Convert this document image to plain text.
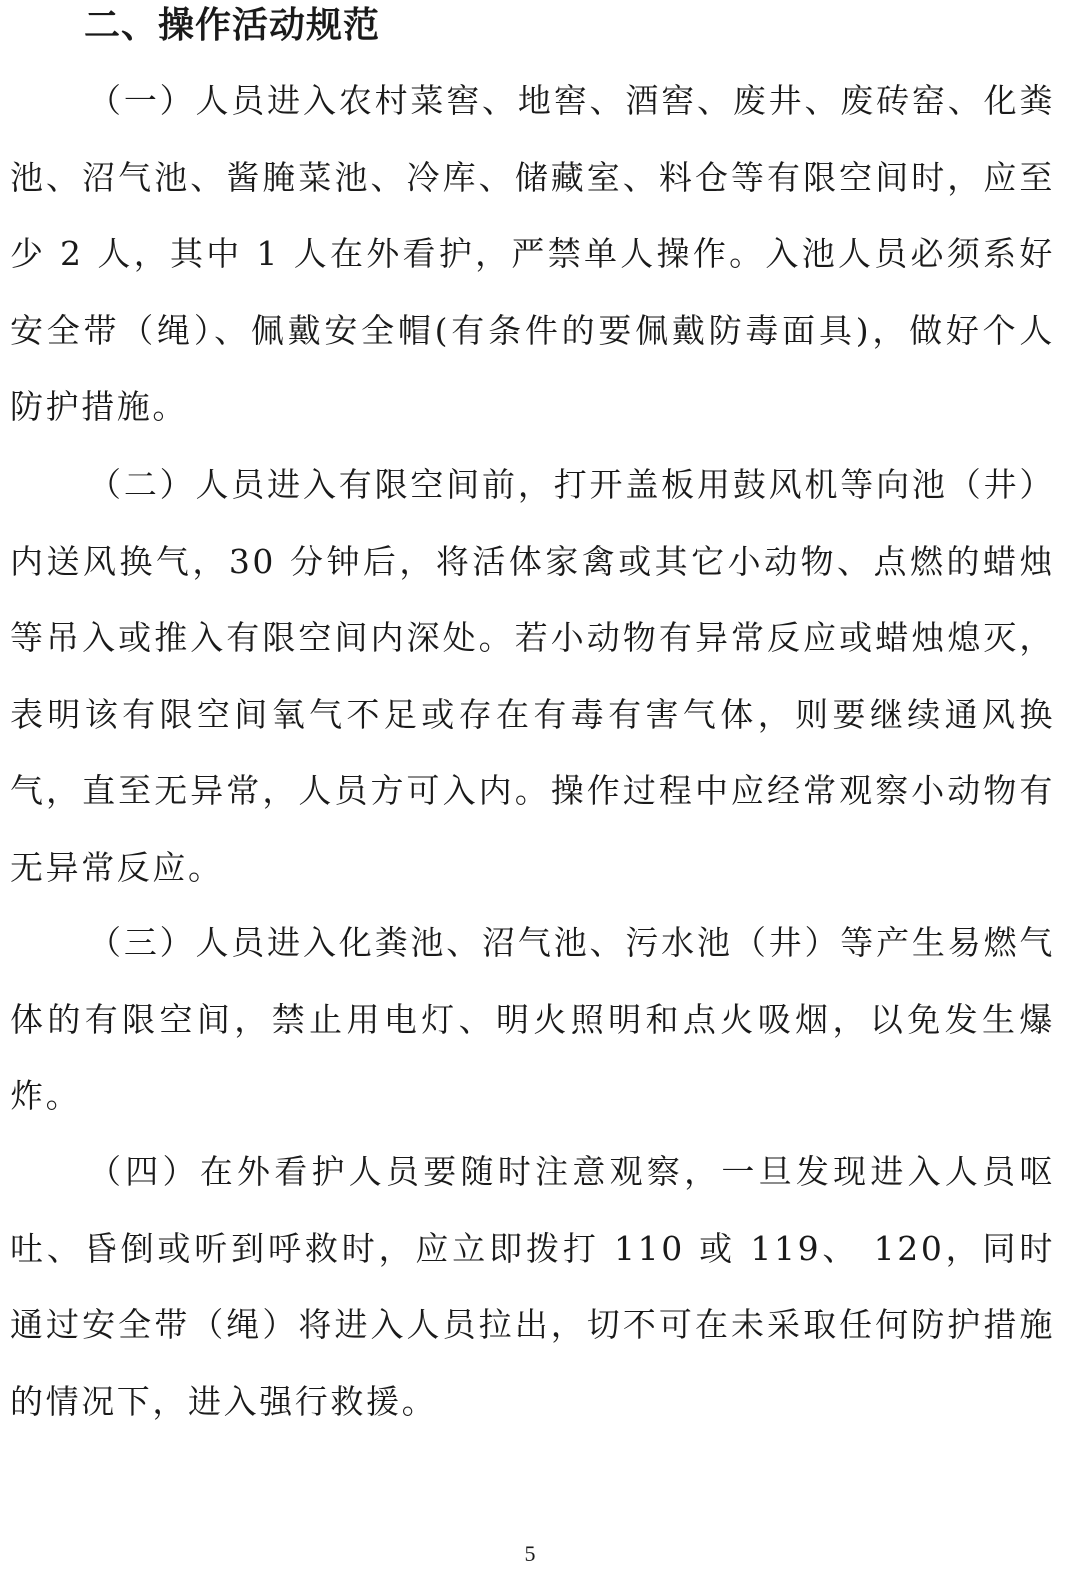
二、操作活动规范

（一）人员进入农村菜窖、地窖、酒窖、废井、废砖窑、化粪池、沼气池、酱腌菜池、冷库、储藏室、料仓等有限空间时，应至少 2 人，其中 1 人在外看护，严禁单人操作。入池人员必须系好安全带（绳）、佩戴安全帽(有条件的要佩戴防毒面具)，做好个人防护措施。

（二）人员进入有限空间前，打开盖板用鼓风机等向池（井）内送风换气，30 分钟后，将活体家禽或其它小动物、点燃的蜡烛等吊入或推入有限空间内深处。若小动物有异常反应或蜡烛熄灭，表明该有限空间氧气不足或存在有毒有害气体，则要继续通风换气，直至无异常，人员方可入内。操作过程中应经常观察小动物有无异常反应。

（三）人员进入化粪池、沼气池、污水池（井）等产生易燃气体的有限空间，禁止用电灯、明火照明和点火吸烟，以免发生爆炸。

（四）在外看护人员要随时注意观察，一旦发现进入人员呕吐、昏倒或听到呼救时，应立即拨打 110 或 119、 120，同时通过安全带（绳）将进入人员拉出，切不可在未采取任何防护措施的情况下，进入强行救援。

5
